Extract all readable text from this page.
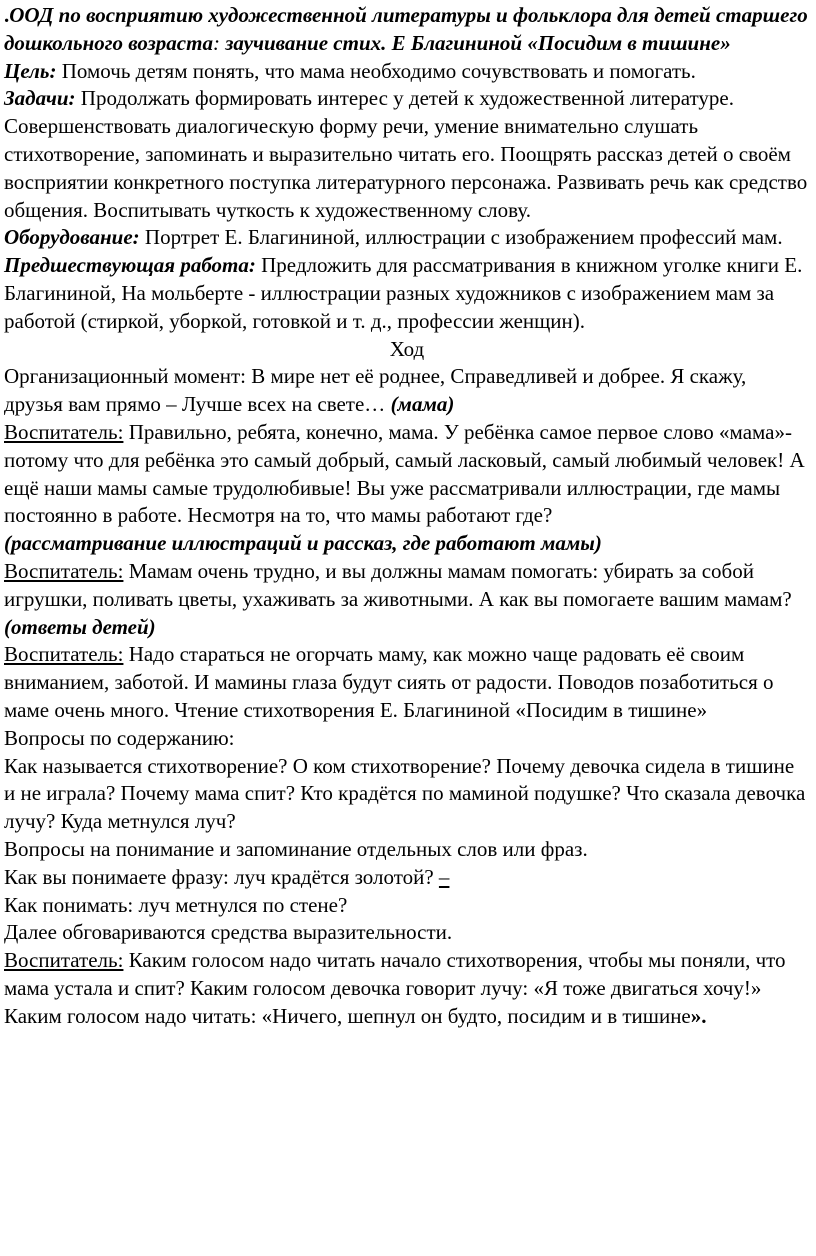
.ООД по восприятию художественной литературы и фольклора для детей старшего дошкольного возраста: заучивание стих. Е Благининой «Посидим в тишине»

Цель: Помочь детям понять, что мама необходимо сочувствовать и помогать.

Задачи: Продолжать формировать интерес у детей к художественной литературе. Совершенствовать диалогическую форму речи, умение внимательно слушать стихотворение, запоминать и выразительно читать его. Поощрять рассказ детей о своём восприятии конкретного поступка литературного персонажа. Развивать речь как средство общения. Воспитывать чуткость к художественному слову.

Оборудование: Портрет Е. Благининой, иллюстрации с изображением профессий мам.

Предшествующая работа: Предложить для рассматривания в книжном уголке книги Е. Благининой, На мольберте - иллюстрации разных художников с изображением мам за работой (стиркой, уборкой, готовкой и т. д., профессии женщин).

Ход

Организационный момент: В мире нет её роднее, Справедливей и добрее. Я скажу, друзья вам прямо – Лучше всех на свете… (мама)

Воспитатель: Правильно, ребята, конечно, мама. У ребёнка самое первое слово «мама»- потому что для ребёнка это самый добрый, самый ласковый, самый любимый человек! А ещё наши мамы самые трудолюбивые! Вы уже рассматривали иллюстрации, где мамы постоянно в работе. Несмотря на то, что мамы работают где?

(рассматривание иллюстраций и рассказ, где работают мамы)

Воспитатель: Мамам очень трудно, и вы должны мамам помогать: убирать за собой игрушки, поливать цветы, ухаживать за животными. А как вы помогаете вашим мамам? (ответы детей)

Воспитатель: Надо стараться не огорчать маму, как можно чаще радовать её своим вниманием, заботой. И мамины глаза будут сиять от радости. Поводов позаботиться о маме очень много. Чтение стихотворения Е. Благининой «Посидим в тишине»

Вопросы по содержанию:

Как называется стихотворение? О ком стихотворение? Почему девочка сидела в тишине и не играла? Почему мама спит? Кто крадётся по маминой подушке? Что сказала девочка лучу? Куда метнулся луч?

Вопросы на понимание и запоминание отдельных слов или фраз.

Как вы понимаете фразу: луч крадётся золотой? –

Как понимать: луч метнулся по стене?

Далее обговариваются средства выразительности.

Воспитатель: Каким голосом надо читать начало стихотворения, чтобы мы поняли, что мама устала и спит? Каким голосом девочка говорит лучу: «Я тоже двигаться хочу!» Каким голосом надо читать: «Ничего, шепнул он будто, посидим и в тишине».
